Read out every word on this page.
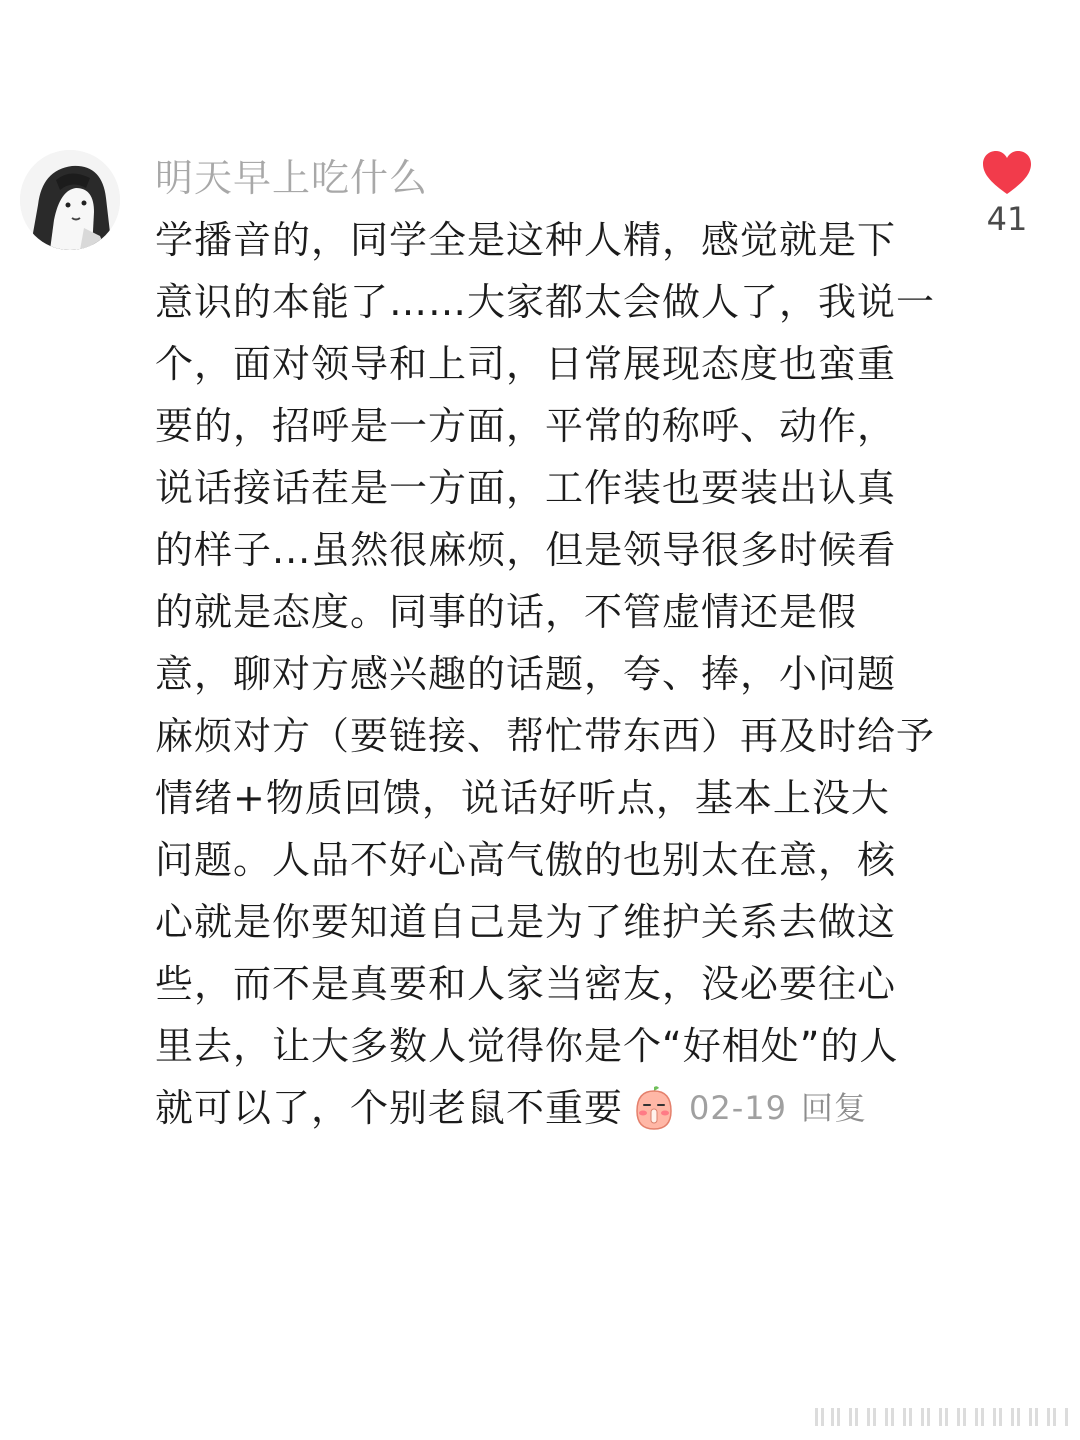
明天早上吃什么
学播音的，同学全是这种人精，感觉就是下
意识的本能了……大家都太会做人了，我说一
个，面对领导和上司，日常展现态度也蛮重
要的，招呼是一方面，平常的称呼、动作，
说话接话茬是一方面，工作装也要装出认真
的样子...虽然很麻烦，但是领导很多时候看
的就是态度。同事的话，不管虚情还是假
意，聊对方感兴趣的话题，夸、捧，小问题
麻烦对方（要链接、帮忙带东西）再及时给予
情绪+物质回馈，说话好听点，基本上没大
问题。人品不好心高气傲的也别太在意，核
心就是你要知道自己是为了维护关系去做这
些，而不是真要和人家当密友，没必要往心
里去，让大多数人觉得你是个“好相处”的人
就可以了，个别老鼠不重要 02-19 回复
41
